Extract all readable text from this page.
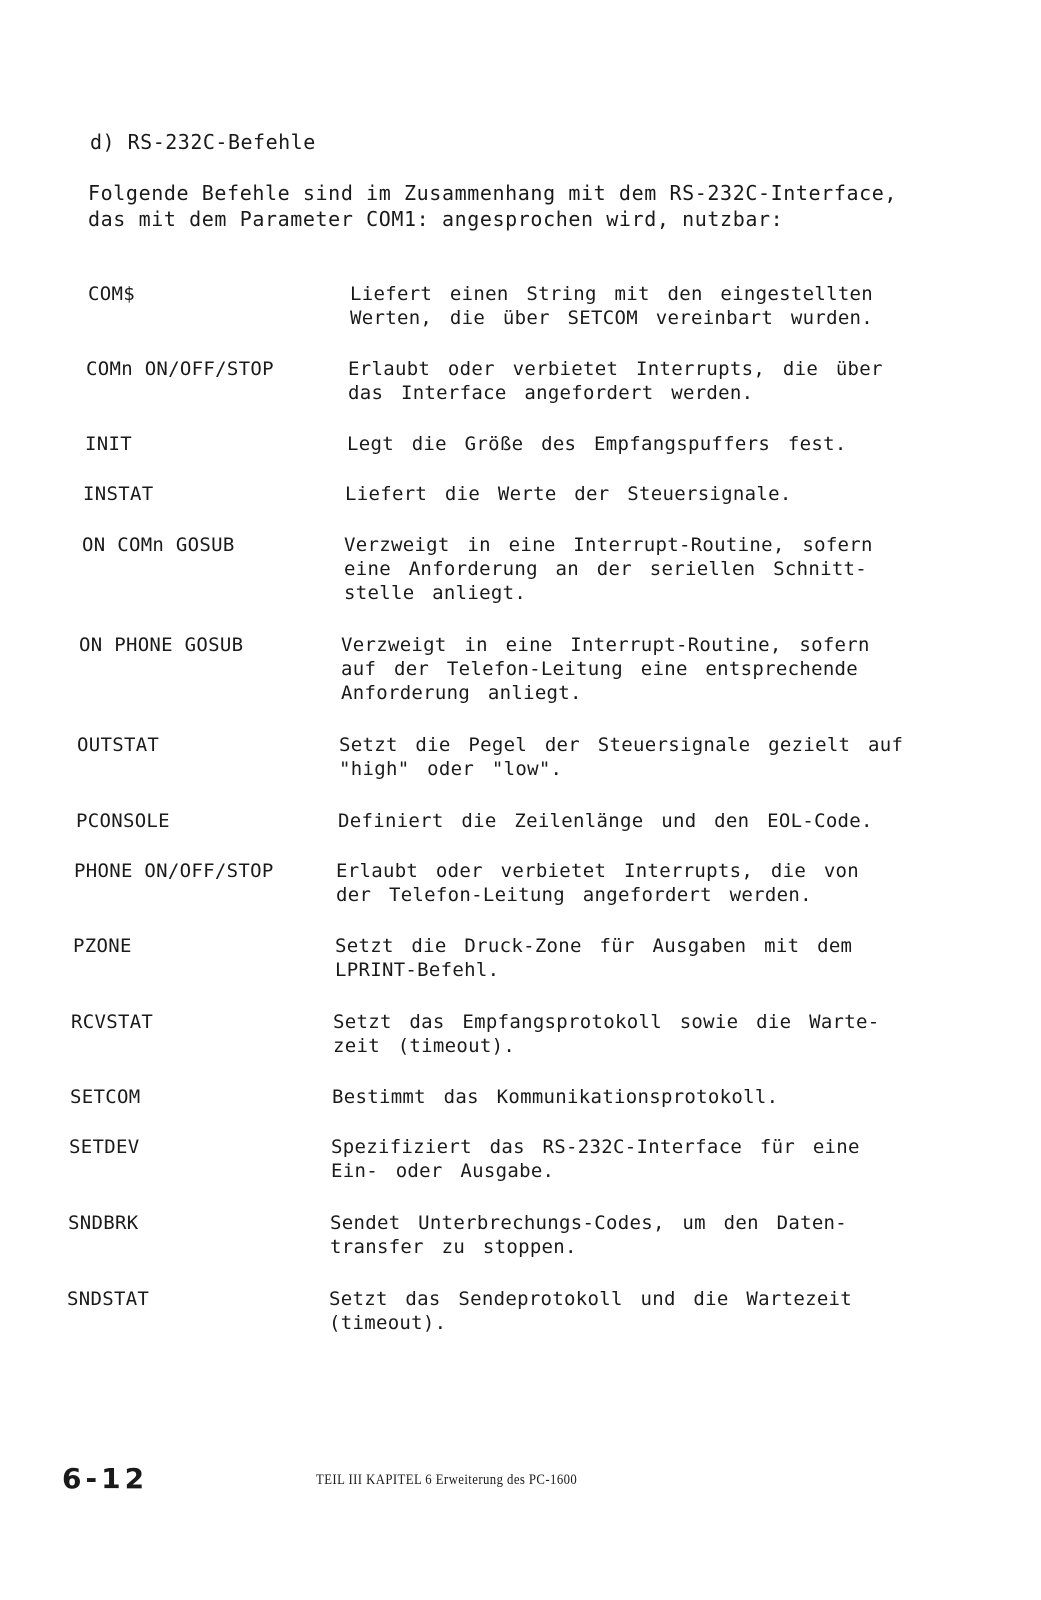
d) RS-232C-Befehle
Folgende Befehle sind im Zusammenhang mit dem RS-232C-Interface,
das mit dem Parameter COM1: angesprochen wird, nutzbar:
COM$	Liefert einen String mit den eingestellten
Werten, die über SETCOM vereinbart wurden.
COMn ON/OFF/STOP	Erlaubt oder verbietet Interrupts, die über
das Interface angefordert werden.
INIT	Legt die Größe des Empfangspuffers fest.
INSTAT	Liefert die Werte der Steuersignale.
ON COMn GOSUB	Verzweigt in eine Interrupt-Routine, sofern
eine Anforderung an der seriellen Schnitt-
stelle anliegt.
ON PHONE GOSUB	Verzweigt in eine Interrupt-Routine, sofern
auf der Telefon-Leitung eine entsprechende
Anforderung anliegt.
OUTSTAT	Setzt die Pegel der Steuersignale gezielt auf
"high" oder "low".
PCONSOLE	Definiert die Zeilenlänge und den EOL-Code.
PHONE ON/OFF/STOP	Erlaubt oder verbietet Interrupts, die von
der Telefon-Leitung angefordert werden.
PZONE	Setzt die Druck-Zone für Ausgaben mit dem
LPRINT-Befehl.
RCVSTAT	Setzt das Empfangsprotokoll sowie die Warte-
zeit (timeout).
SETCOM	Bestimmt das Kommunikationsprotokoll.
SETDEV	Spezifiziert das RS-232C-Interface für eine
Ein- oder Ausgabe.
SNDBRK	Sendet Unterbrechungs-Codes, um den Daten-
transfer zu stoppen.
SNDSTAT	Setzt das Sendeprotokoll und die Wartezeit
(timeout).
6-12	TEIL III KAPITEL 6 Erweiterung des PC-1600
